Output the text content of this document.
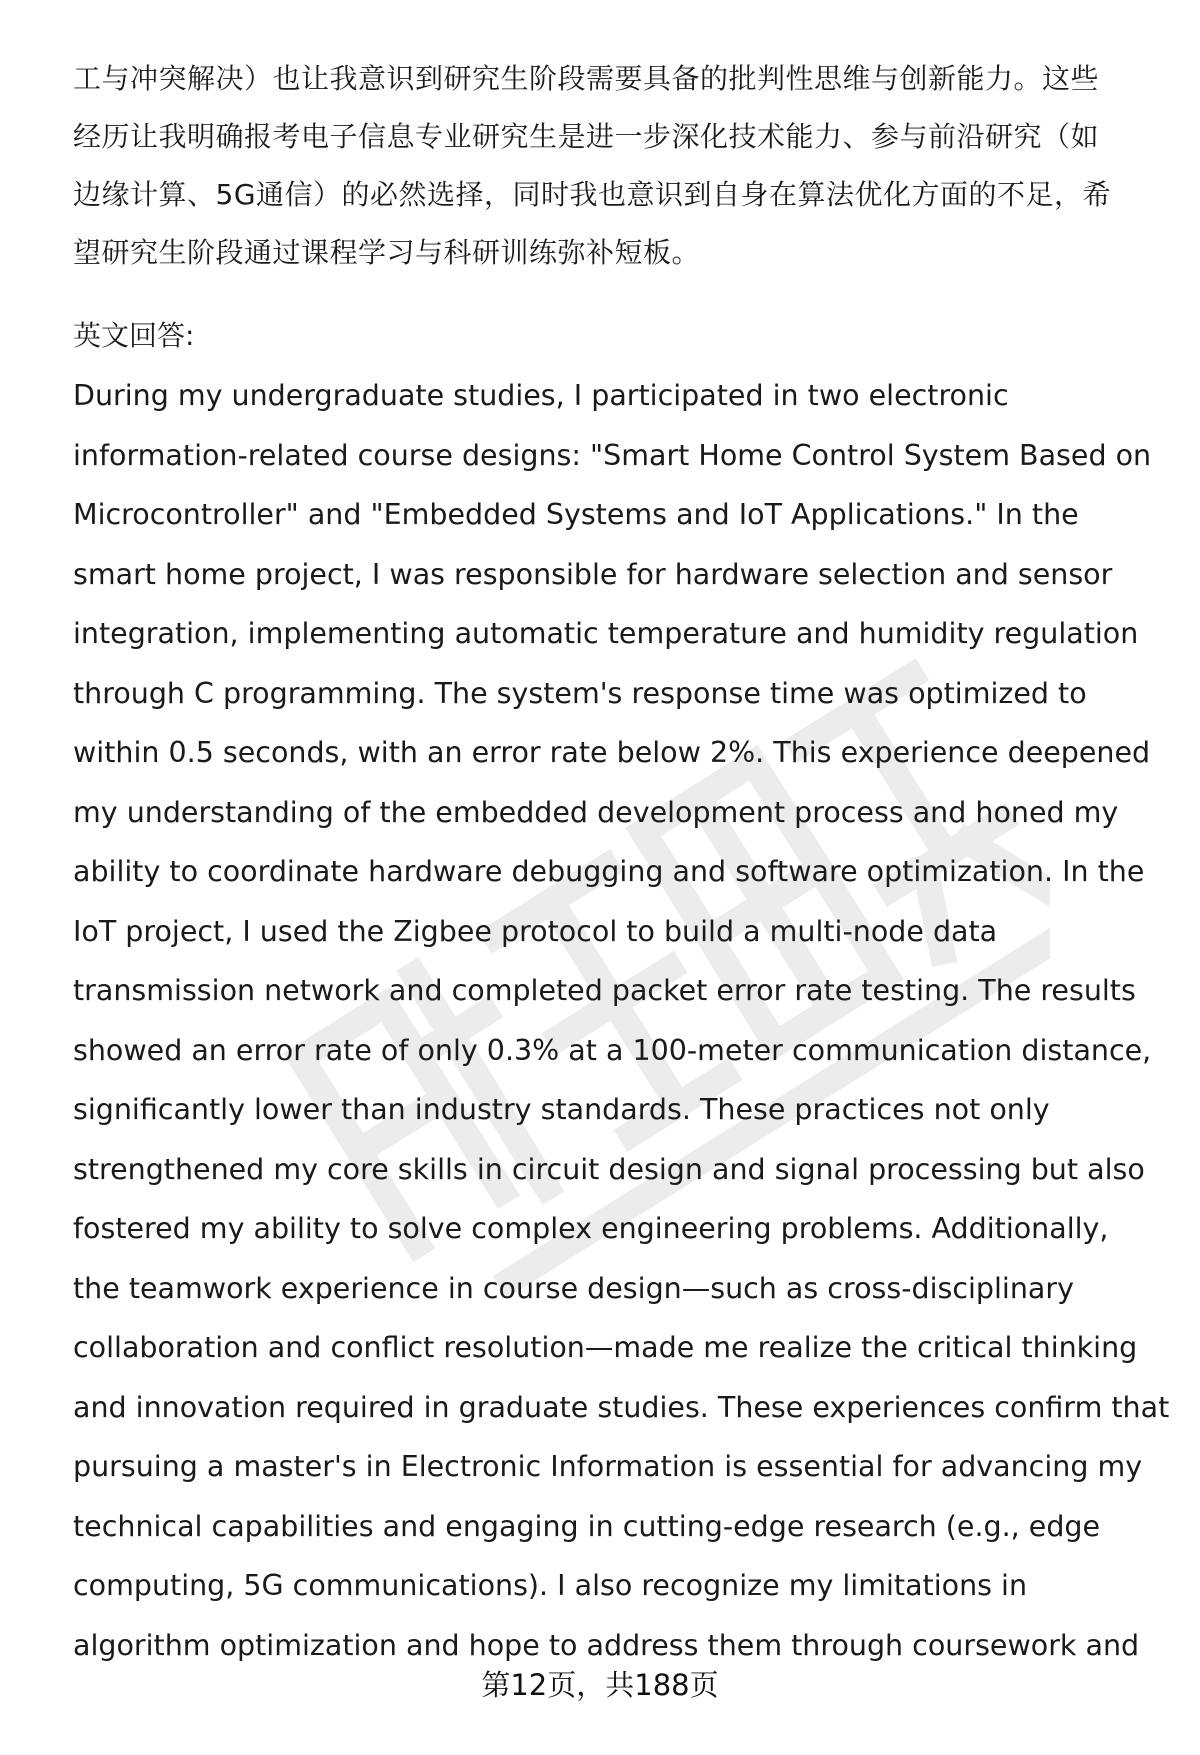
工与冲突解决）也让我意识到研究生阶段需要具备的批判性思维与创新能力。这些
经历让我明确报考电子信息专业研究生是进一步深化技术能力、参与前沿研究（如
边缘计算、5G通信）的必然选择，同时我也意识到自身在算法优化方面的不足，希
望研究生阶段通过课程学习与科研训练弥补短板。

英文回答:

During my undergraduate studies, I participated in two electronic
information-related course designs: "Smart Home Control System Based on
Microcontroller" and "Embedded Systems and IoT Applications." In the
smart home project, I was responsible for hardware selection and sensor
integration, implementing automatic temperature and humidity regulation
through C programming. The system's response time was optimized to
within 0.5 seconds, with an error rate below 2%. This experience deepened
my understanding of the embedded development process and honed my
ability to coordinate hardware debugging and software optimization. In the
IoT project, I used the Zigbee protocol to build a multi-node data
transmission network and completed packet error rate testing. The results
showed an error rate of only 0.3% at a 100-meter communication distance,
significantly lower than industry standards. These practices not only
strengthened my core skills in circuit design and signal processing but also
fostered my ability to solve complex engineering problems. Additionally,
the teamwork experience in course design—such as cross-disciplinary
collaboration and conflict resolution—made me realize the critical thinking
and innovation required in graduate studies. These experiences confirm that
pursuing a master's in Electronic Information is essential for advancing my
technical capabilities and engaging in cutting-edge research (e.g., edge
computing, 5G communications). I also recognize my limitations in
algorithm optimization and hope to address them through coursework and

第12页，共188页
